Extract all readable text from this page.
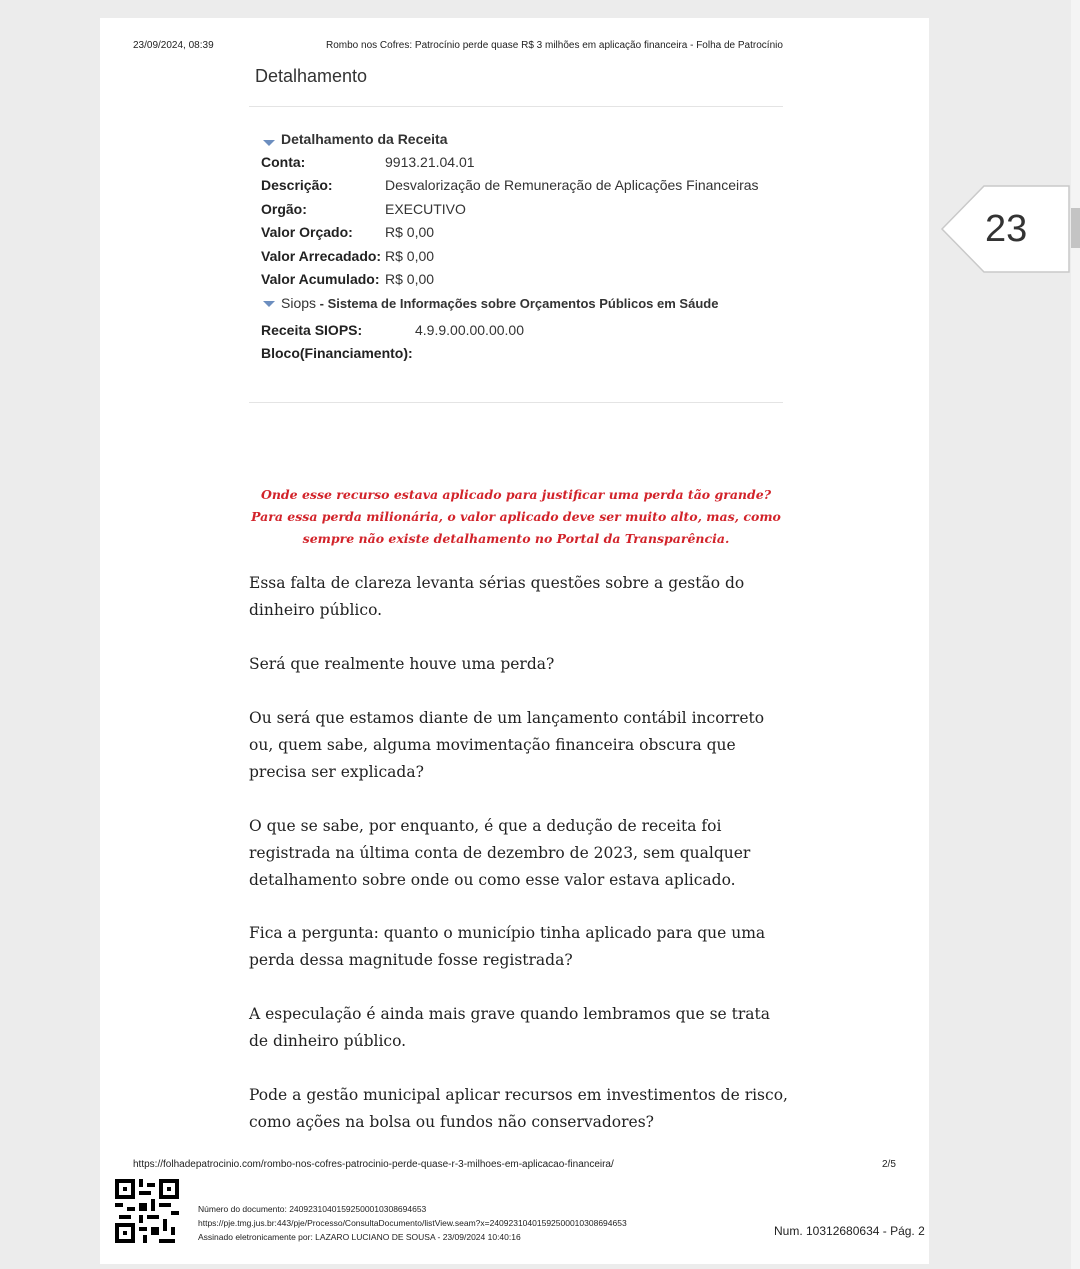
23/09/2024, 08:39	Rombo nos Cofres: Patrocínio perde quase R$ 3 milhões em aplicação financeira - Folha de Patrocínio
Detalhamento
Detalhamento da Receita
Conta:	9913.21.04.01
Descrição:	Desvalorização de Remuneração de Aplicações Financeiras
Orgão:	EXECUTIVO
Valor Orçado: R$ 0,00
Valor Arrecadado: R$ 0,00
Valor Acumulado: R$ 0,00
Siops - Sistema de Informações sobre Orçamentos Públicos em Sáude
Receita SIOPS:	4.9.9.00.00.00.00
Bloco(Financiamento):
Onde esse recurso estava aplicado para justificar uma perda tão grande? Para essa perda milionária, o valor aplicado deve ser muito alto, mas, como sempre não existe detalhamento no Portal da Transparência.
Essa falta de clareza levanta sérias questões sobre a gestão do dinheiro público.
Será que realmente houve uma perda?
Ou será que estamos diante de um lançamento contábil incorreto ou, quem sabe, alguma movimentação financeira obscura que precisa ser explicada?
O que se sabe, por enquanto, é que a dedução de receita foi registrada na última conta de dezembro de 2023, sem qualquer detalhamento sobre onde ou como esse valor estava aplicado.
Fica a pergunta: quanto o município tinha aplicado para que uma perda dessa magnitude fosse registrada?
A especulação é ainda mais grave quando lembramos que se trata de dinheiro público.
Pode a gestão municipal aplicar recursos em investimentos de risco, como ações na bolsa ou fundos não conservadores?
https://folhadepatrocinio.com/rombo-nos-cofres-patrocinio-perde-quase-r-3-milhoes-em-aplicacao-financeira/	2/5
Número do documento: 24092310401592500010308694653
https://pje.tmg.jus.br:443/pje/Processo/ConsultaDocumento/listView.seam?x=24092310401592500010308694653
Assinado eletronicamente por: LAZARO LUCIANO DE SOUSA - 23/09/2024 10:40:16	Num. 10312680634 - Pág. 2
23
